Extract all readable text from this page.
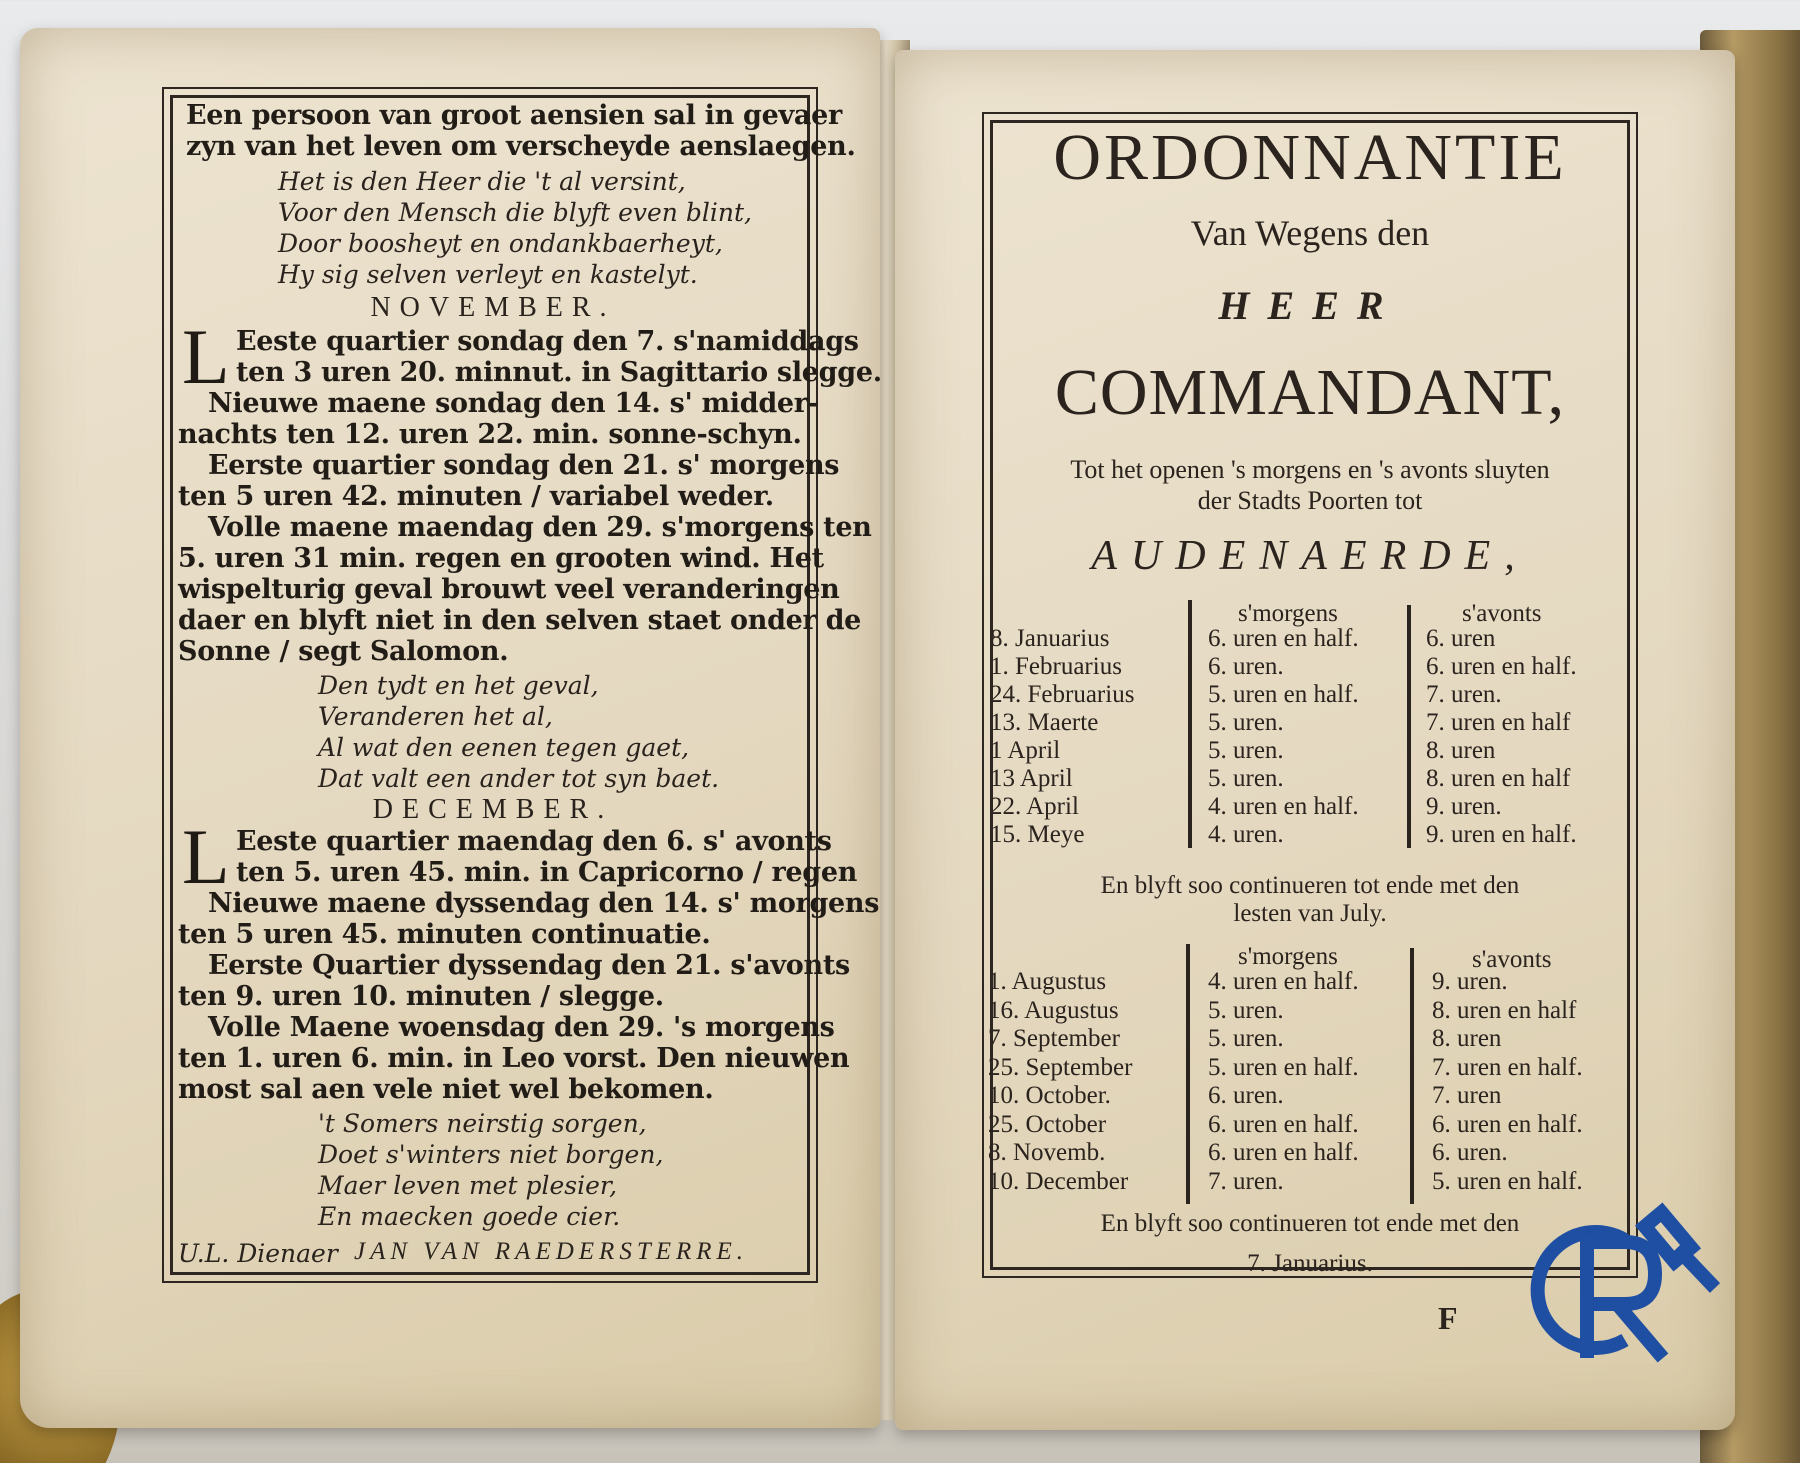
Een persoon van groot aensien sal in gevaer
zyn van het leven om verscheyde aenslaegen.
Het is den Heer die 't al versint,
Voor den Mensch die blyft even blint,
Door boosheyt en ondankbaerheyt,
Hy sig selven verleyt en kastelyt.
NOVEMBER.
L Eeste quartier sondag den 7. s'namiddags
ten 3 uren 20. minnut. in Sagittario slegge.
Nieuwe maene sondag den 14. s' midder-
nachts ten 12. uren 22. min. sonne-schyn.
Eerste quartier sondag den 21. s' morgens
ten 5 uren 42. minuten / variabel weder.
Volle maene maendag den 29. s'morgens ten
5. uren 31 min. regen en grooten wind. Het
wispelturig geval brouwt veel veranderingen
daer en blyft niet in den selven staet onder de
Sonne / segt Salomon.
Den tydt en het geval,
Veranderen het al,
Al wat den eenen tegen gaet,
Dat valt een ander tot syn baet.
DECEMBER.
L Eeste quartier maendag den 6. s' avonts
ten 5. uren 45. min. in Capricorno / regen
Nieuwe maene dyssendag den 14. s' morgens
ten 5 uren 45. minuten continuatie.
Eerste Quartier dyssendag den 21. s'avonts
ten 9. uren 10. minuten / slegge.
Volle Maene woensdag den 29. 's morgens
ten 1. uren 6. min. in Leo vorst. Den nieuwen
most sal aen vele niet wel bekomen.
't Somers neirstig sorgen,
Doet s'winters niet borgen,
Maer leven met plesier,
En maecken goede cier.
U.L. Dienaer JAN VAN RAEDERSTERRE.
ORDONNANTIE
Van Wegens den
HEER
COMMANDANT,
Tot het openen 's morgens en 's avonts sluyten
der Stadts Poorten tot
AUDENAERDE,
s'morgens	s'avonts
8. Januarius	6. uren en half.	6. uren
1. Februarius	6. uren.	6. uren en half.
24. Februarius	5. uren en half.	7. uren.
13. Maerte	5. uren.	7. uren en half
1 April	5. uren.	8. uren
13 April	5. uren.	8. uren en half
22. April	4. uren en half.	9. uren.
15. Meye	4. uren.	9. uren en half.
En blyft soo continueren tot ende met den
lesten van July.
s'morgens	s'avonts
1. Augustus	4. uren en half.	9. uren.
16. Augustus	5. uren.	8. uren en half
7. September	5. uren.	8. uren
25. September	5. uren en half.	7. uren en half.
10. October.	6. uren.	7. uren
25. October	6. uren en half.	6. uren en half.
8. Novemb.	6. uren en half.	6. uren.
10. December	7. uren.	5. uren en half.
En blyft soo continueren tot ende met den
7. Januarius.
F
